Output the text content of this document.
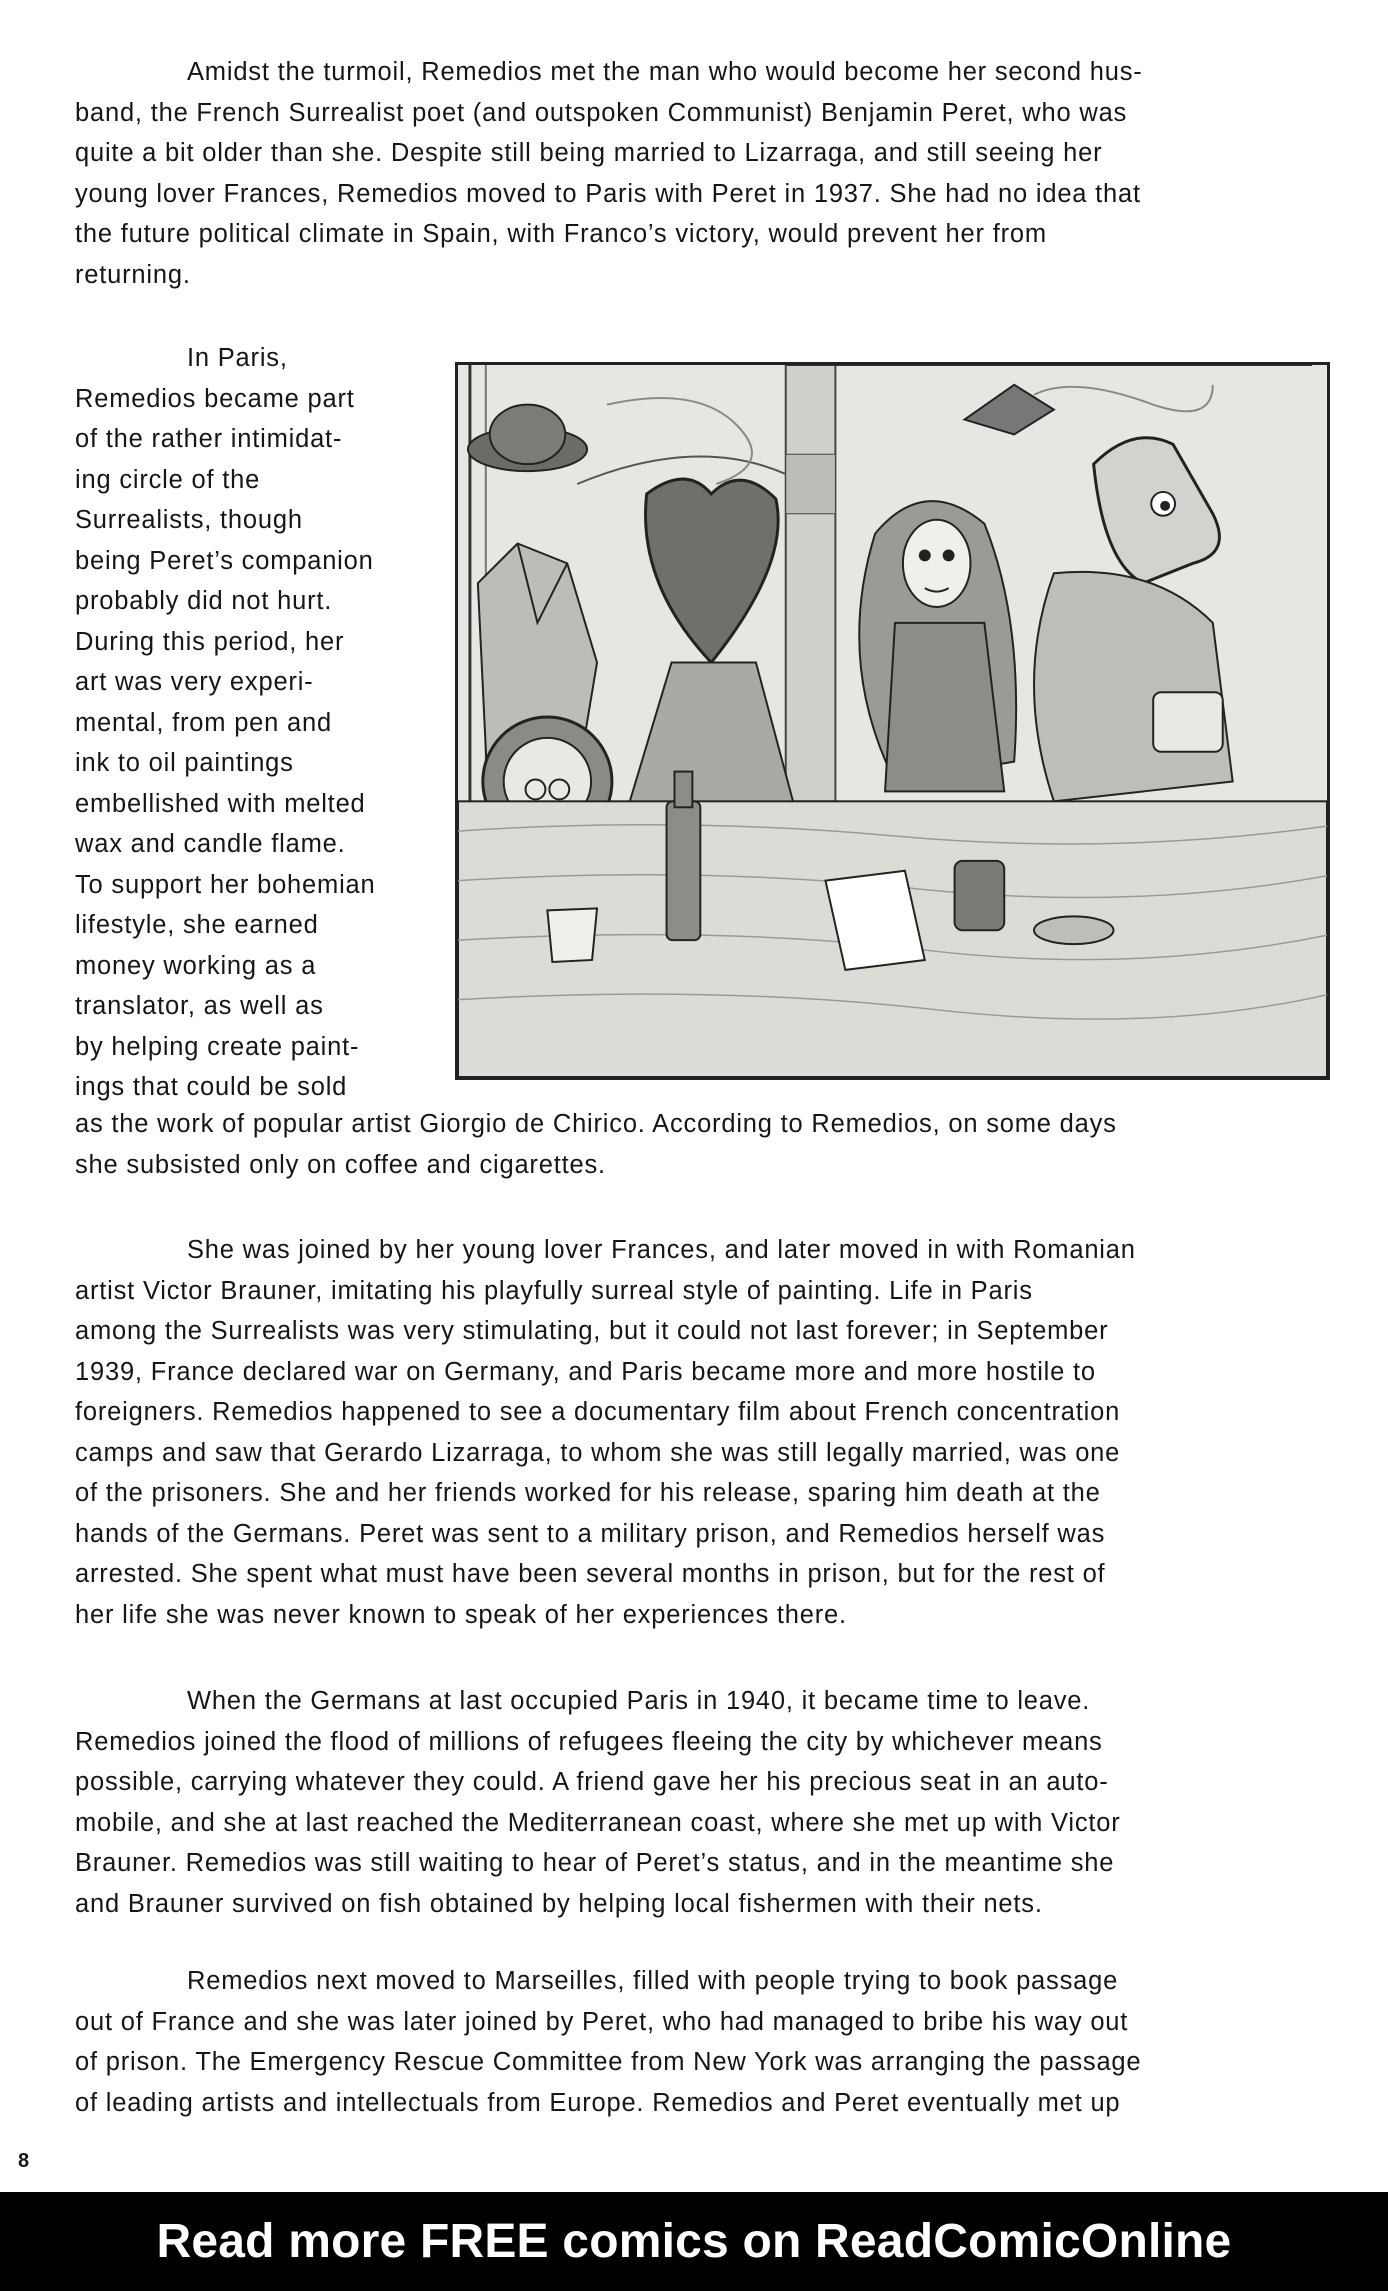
Amidst the turmoil, Remedios met the man who would become her second hus-
band, the French Surrealist poet (and outspoken Communist) Benjamin Peret, who was
quite a bit older than she. Despite still being married to Lizarraga, and still seeing her
young lover Frances, Remedios moved to Paris with Peret in 1937. She had no idea that
the future political climate in Spain, with Franco’s victory, would prevent her from
returning.

In Paris,
Remedios became part
of the rather intimidat-
ing circle of the
Surrealists, though
being Peret’s companion
probably did not hurt.
During this period, her
art was very experi-
mental, from pen and
ink to oil paintings
embellished with melted
wax and candle flame.
To support her bohemian
lifestyle, she earned
money working as a
translator, as well as
by helping create paint-
ings that could be sold
as the work of popular artist Giorgio de Chirico. According to Remedios, on some days
she subsisted only on coffee and cigarettes.

She was joined by her young lover Frances, and later moved in with Romanian
artist Victor Brauner, imitating his playfully surreal style of painting. Life in Paris
among the Surrealists was very stimulating, but it could not last forever; in September
1939, France declared war on Germany, and Paris became more and more hostile to
foreigners. Remedios happened to see a documentary film about French concentration
camps and saw that Gerardo Lizarraga, to whom she was still legally married, was one
of the prisoners. She and her friends worked for his release, sparing him death at the
hands of the Germans. Peret was sent to a military prison, and Remedios herself was
arrested. She spent what must have been several months in prison, but for the rest of
her life she was never known to speak of her experiences there.

When the Germans at last occupied Paris in 1940, it became time to leave.
Remedios joined the flood of millions of refugees fleeing the city by whichever means
possible, carrying whatever they could. A friend gave her his precious seat in an auto-
mobile, and she at last reached the Mediterranean coast, where she met up with Victor
Brauner. Remedios was still waiting to hear of Peret’s status, and in the meantime she
and Brauner survived on fish obtained by helping local fishermen with their nets.

Remedios next moved to Marseilles, filled with people trying to book passage
out of France and she was later joined by Peret, who had managed to bribe his way out
of prison. The Emergency Rescue Committee from New York was arranging the passage
of leading artists and intellectuals from Europe. Remedios and Peret eventually met up

8
Read more FREE comics on ReadComicOnline
